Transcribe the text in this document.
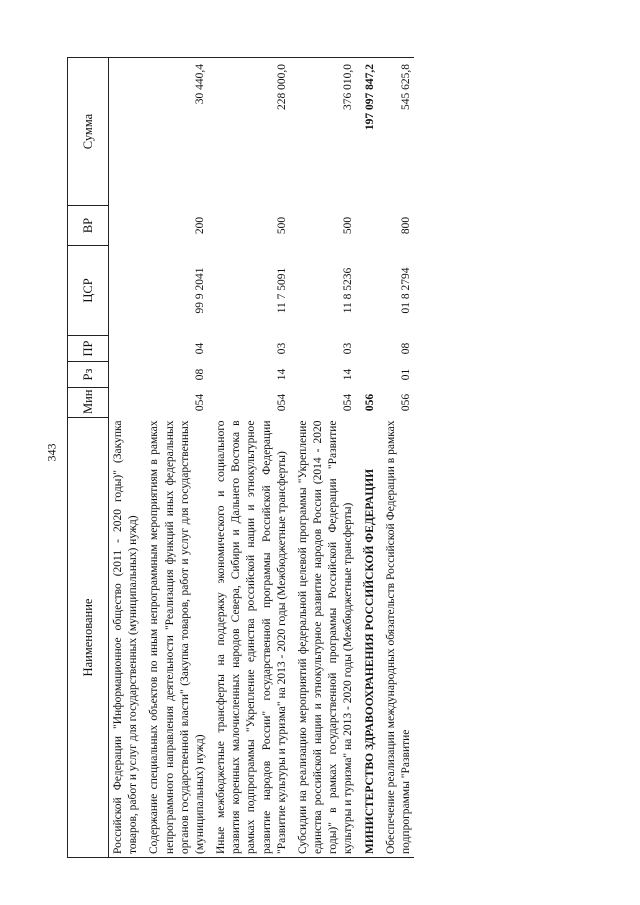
343
Наименование	Мин	Рз	ПР	ЦСР	ВР	Сумма
Российской Федерации "Информационное общество (2011 - 2020 годы)" (Закупка товаров, работ и услуг для государственных (муниципальных) нужд)						
Содержание специальных объектов по иным непрограммным мероприятиям в рамках непрограммного направления деятельности "Реализация функций иных федеральных органов государственной власти" (Закупка товаров, работ и услуг для государственных (муниципальных) нужд)	054	08	04	99 9 2041	200	30 440,4
Иные межбюджетные трансферты на поддержку экономического и социального развития коренных малочисленных народов Севера, Сибири и Дальнего Востока в рамках подпрограммы "Укрепление единства российской нации и этнокультурное развитие народов России" государственной программы Российской Федерации "Развитие культуры и туризма" на 2013 - 2020 годы (Межбюджетные трансферты)	054	14	03	11 7 5091	500	228 000,0
Субсидии на реализацию мероприятий федеральной целевой программы "Укрепление единства российской нации и этнокультурное развитие народов России (2014 - 2020 годы)" в рамках государственной программы Российской Федерации "Развитие культуры и туризма" на 2013 - 2020 годы (Межбюджетные трансферты)	054	14	03	11 8 5236	500	376 010,0
МИНИСТЕРСТВО ЗДРАВООХРАНЕНИЯ РОССИЙСКОЙ ФЕДЕРАЦИИ	056					197 097 847,2
Обеспечение реализации международных обязательств Российской Федерации в рамках подпрограммы "Развитие	056	01	08	01 8 2794	800	545 625,8
